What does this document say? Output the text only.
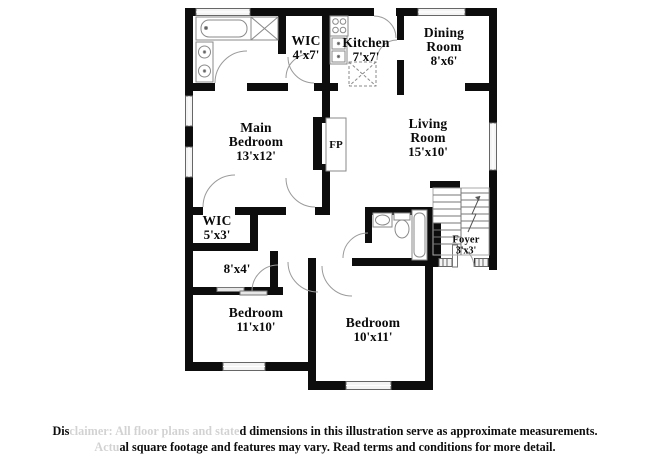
WIC
4'x7'
Kitchen
7'x7'
Dining Room
8'x6'
Main Bedroom
13'x12'
Living Room
15'x10'
WIC
5'x3'
8'x4'
Bedroom
11'x10'	Bedroom
10'x11'
Foyer
3'x3'
FP
Disclaimer: All floor plans and stated dimensions in this illustration serve as approximate measurements.
Actual square footage and features may vary. Read terms and conditions for more detail.
